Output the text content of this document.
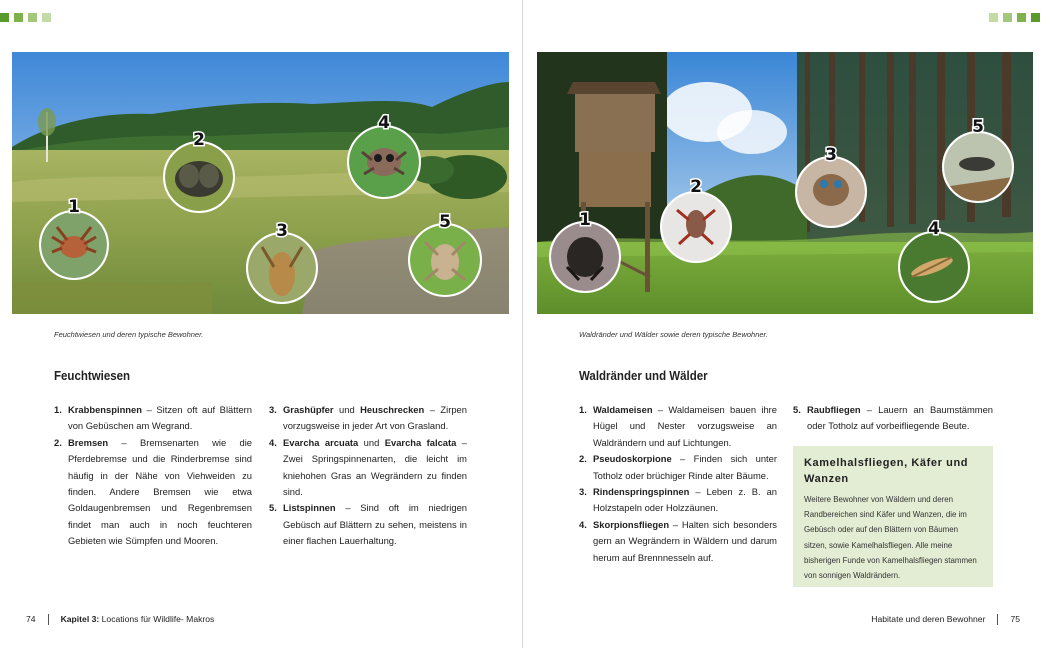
1
2
3
4
5
Feuchtwiesen und deren typische Bewohner.
Feuchtwiesen
1. Krabbenspinnen – Sitzen oft auf Blättern von Gebüschen am Wegrand.
2. Bremsen – Bremsenarten wie die Pferdebremse und die Rinderbremse sind häufig in der Nähe von Viehweiden zu finden. Andere Bremsen wie etwa Goldaugenbremsen und Regenbremsen findet man auch in noch feuchteren Gebieten wie Sümpfen und Mooren.
3. Grashüpfer und Heuschrecken – Zirpen vorzugsweise in jeder Art von Grasland.
4. Evarcha arcuata und Evarcha falcata – Zwei Springspinnenarten, die leicht im kniehohen Gras an Wegrändern zu finden sind.
5. Listspinnen – Sind oft im niedrigen Gebüsch auf Blättern zu sehen, meistens in einer flachen Lauerhaltung.
74	Kapitel 3: Locations für Wildlife- Makros
1
2
3
4
5
Waldränder und Wälder sowie deren typische Bewohner.
Waldränder und Wälder
1. Waldameisen – Waldameisen bauen ihre Hügel und Nester vorzugsweise an Waldrändern und auf Lichtungen.
2. Pseudoskorpione – Finden sich unter Totholz oder brüchiger Rinde alter Bäume.
3. Rindenspringspinnen – Leben z. B. an Holzstapeln oder Holzzäunen.
4. Skorpionsfliegen – Halten sich besonders gern an Wegrändern in Wäldern und darum herum auf Brennnesseln auf.
5. Raubfliegen – Lauern an Baumstämmen oder Totholz auf vorbeifliegende Beute.
Kamelhalsfliegen, Käfer und Wanzen
Weitere Bewohner von Wäldern und deren Randbereichen sind Käfer und Wanzen, die im Gebüsch oder auf den Blättern von Bäumen sitzen, sowie Kamelhalsfliegen. Alle meine bisherigen Funde von Kamelhalsfliegen stammen von sonnigen Waldrändern.
Habitate und deren Bewohner	75
